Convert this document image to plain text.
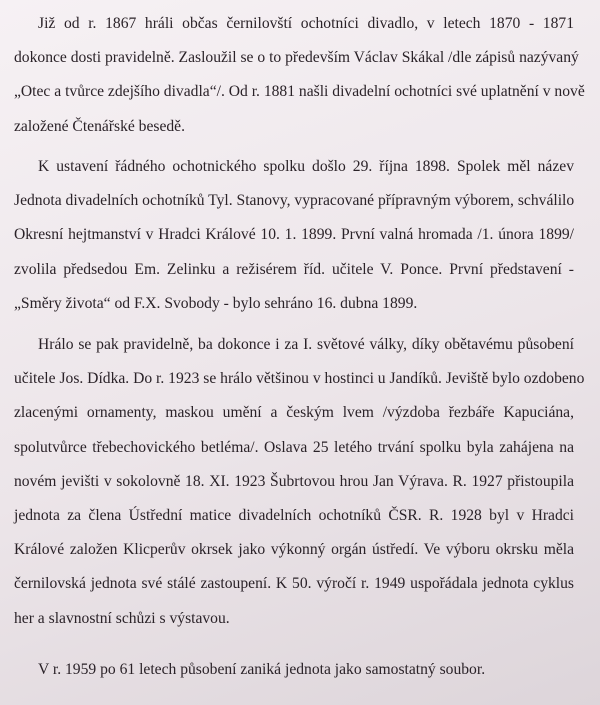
Již od r. 1867 hráli občas černilovští ochotníci divadlo, v letech 1870 - 1871
dokonce dosti pravidelně. Zasloužil se o to především Václav Skákal /dle zápisů nazývaný
„Otec a tvůrce zdejšího divadla“/. Od r. 1881 našli divadelní ochotníci své uplatnění v nově
založené Čtenářské besedě.

K ustavení řádného ochotnického spolku došlo 29. října 1898. Spolek měl název
Jednota divadelních ochotníků Tyl. Stanovy, vypracované přípravným výborem, schválilo
Okresní hejtmanství v Hradci Králové 10. 1. 1899. První valná hromada /1. února 1899/
zvolila předsedou Em. Zelinku a režisérem říd. učitele V. Ponce. První představení -
„Směry života“ od F.X. Svobody - bylo sehráno 16. dubna 1899.

Hrálo se pak pravidelně, ba dokonce i za I. světové války, díky obětavému působení
učitele Jos. Dídka. Do r. 1923 se hrálo většinou v hostinci u Jandíků. Jeviště bylo ozdobeno
zlacenými ornamenty, maskou umění a českým lvem /výzdoba řezbáře Kapuciána,
spolutvůrce třebechovického betléma/. Oslava 25 letého trvání spolku byla zahájena na
novém jevišti v sokolovně 18. XI. 1923 Šubrtovou hrou Jan Výrava. R. 1927 přistoupila
jednota za člena Ústřední matice divadelních ochotníků ČSR. R. 1928 byl v Hradci
Králové založen Klicperův okrsek jako výkonný orgán ústředí. Ve výboru okrsku měla
černilovská jednota své stálé zastoupení. K 50. výročí r. 1949 uspořádala jednota cyklus
her a slavnostní schůzi s výstavou.

V r. 1959 po 61 letech působení zaniká jednota jako samostatný soubor.
